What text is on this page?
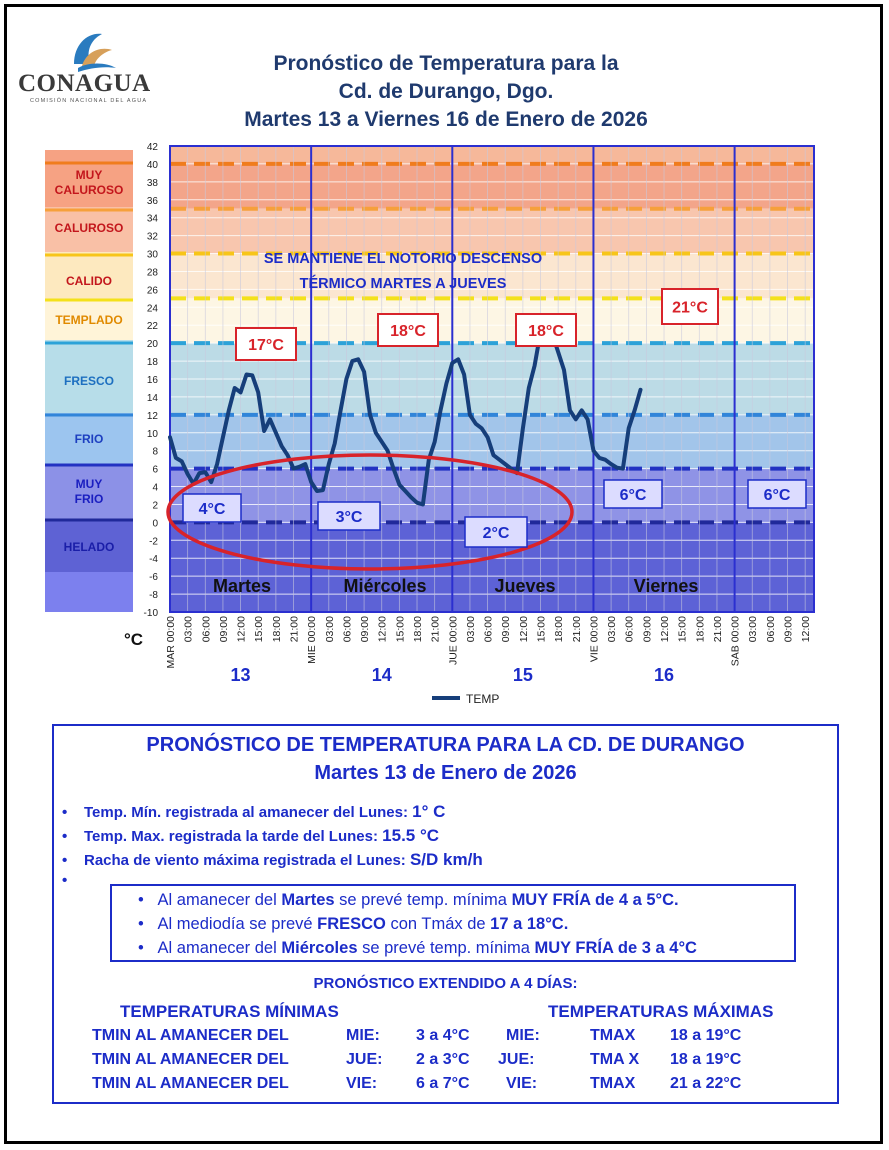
CONAGUA
COMISIÓN NACIONAL DEL AGUA
Pronóstico de Temperatura para la
Cd. de Durango, Dgo.
Martes 13 a Viernes 16 de Enero de 2026
MUY
CALUROSO
CALUROSO
CALIDO
TEMPLADO
FRESCO
FRIO
MUY
FRIO
HELADO
-10
-8
-6
-4
-2
0
2
4
6
8
10
12
14
16
18
20
22
24
26
28
30
32
34
36
38
40
42
°C MAR 00:00 03:00 06:00 09:00 12:00 15:00 18:00 21:00 MIE 00:00 03:00 06:00 09:00 12:00 15:00 18:00 21:00 JUE 00:00 03:00 06:00 09:00 12:00 15:00 18:00 21:00 VIE 00:00 03:00 06:00 09:00 12:00 15:00 18:00 21:00 SAB 00:00 03:00 06:00 09:00 12:00
13	14	15	16
Martes	Miércoles	Jueves	Viernes
SE MANTIENE EL NOTORIO DESCENSO
TÉRMICO MARTES A JUEVES
17°C
18°C	18°C
21°C
4°C	3°C
2°C
6°C	6°C
TEMP
PRONÓSTICO DE TEMPERATURA PARA LA CD. DE DURANGO
Martes 13 de Enero de 2026
• Temp. Mín. registrada al amanecer del Lunes: 1° C
• Temp. Max. registrada la tarde del Lunes: 15.5 °C
• Racha de viento máxima registrada el Lunes: S/D km/h
•
• Al amanecer del Martes se prevé temp. mínima MUY FRÍA de 4 a 5°C.
• Al mediodía se prevé FRESCO con Tmáx de 17 a 18°C.
• Al amanecer del Miércoles se prevé temp. mínima MUY FRÍA de 3 a 4°C
PRONÓSTICO EXTENDIDO A 4 DÍAS:
TEMPERATURAS MÍNIMAS	TEMPERATURAS MÁXIMAS
TMIN AL AMANECER DEL	MIE: 3 a 4°C MIE:	TMAX 18 a 19°C
TMIN AL AMANECER DEL	JUE: 2 a 3°C JUE:	TMA X 18 a 19°C
TMIN AL AMANECER DEL	VIE: 6 a 7°C VIE:	TMAX 21 a 22°C
